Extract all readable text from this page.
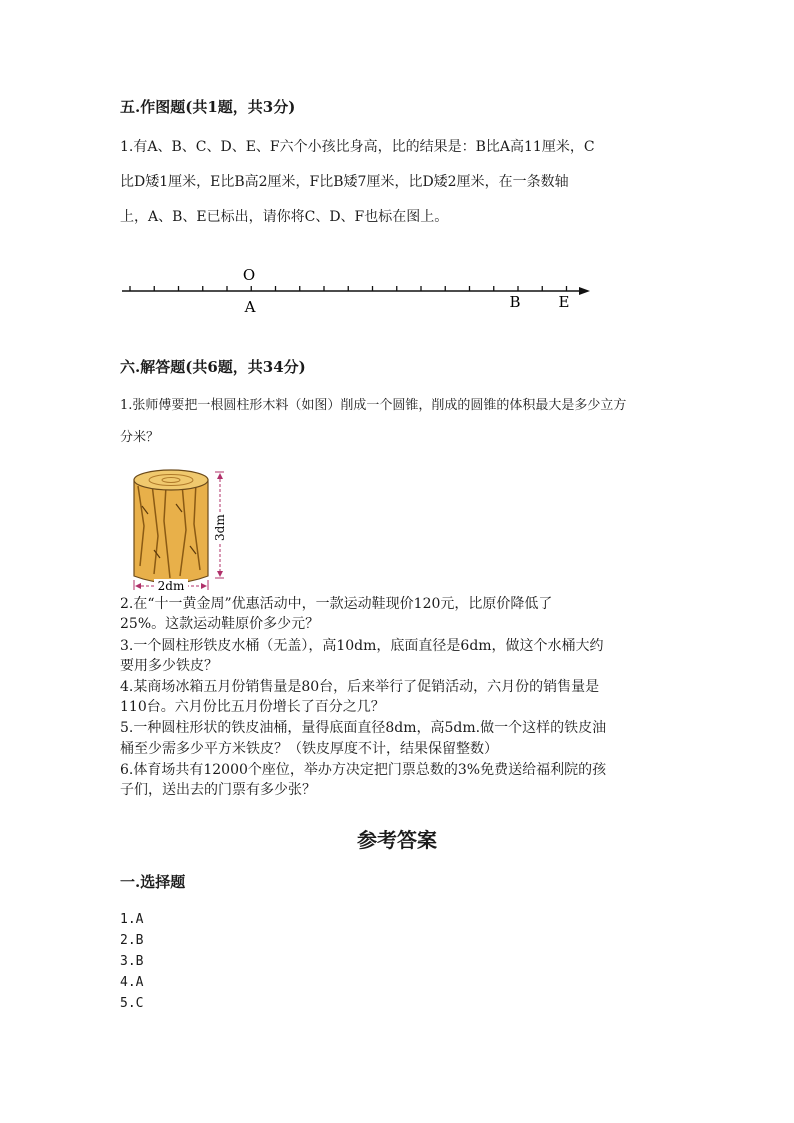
五.作图题(共1题，共3分)
1.有A、B、C、D、E、F六个小孩比身高，比的结果是：B比A高11厘米，C
比D矮1厘米，E比B高2厘米，F比B矮7厘米，比D矮2厘米，在一条数轴
上，A、B、E已标出，请你将C、D、F也标在图上。
O
A	B	E
六.解答题(共6题，共34分)
1.张师傅要把一根圆柱形木料（如图）削成一个圆锥，削成的圆锥的体积最大是多少立方
分米？
3dm
2dm
2.在“十一黄金周”优惠活动中，一款运动鞋现价120元，比原价降低了
25%。这款运动鞋原价多少元？
3.一个圆柱形铁皮水桶（无盖），高10dm，底面直径是6dm，做这个水桶大约
要用多少铁皮？
4.某商场冰箱五月份销售量是80台，后来举行了促销活动，六月份的销售量是
110台。六月份比五月份增长了百分之几？
5.一种圆柱形状的铁皮油桶，量得底面直径8dm，高5dm.做一个这样的铁皮油
桶至少需多少平方米铁皮？（铁皮厚度不计，结果保留整数）
6.体育场共有12000个座位，举办方决定把门票总数的3%免费送给福利院的孩
子们，送出去的门票有多少张？
参考答案
一.选择题
1.A
2.B
3.B
4.A
5.C
